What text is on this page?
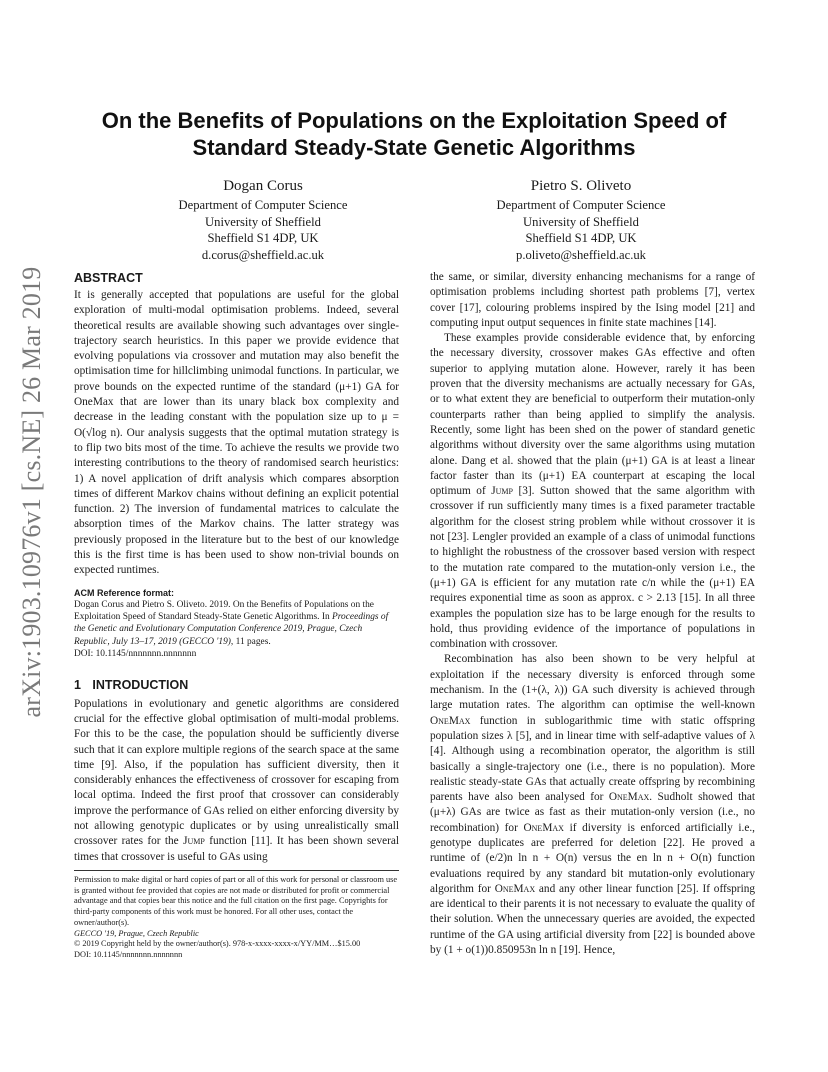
arXiv:1903.10976v1 [cs.NE] 26 Mar 2019
On the Benefits of Populations on the Exploitation Speed of
Standard Steady-State Genetic Algorithms
Dogan Corus
Department of Computer Science
University of Sheffield
Sheffield S1 4DP, UK
d.corus@sheffield.ac.uk
Pietro S. Oliveto
Department of Computer Science
University of Sheffield
Sheffield S1 4DP, UK
p.oliveto@sheffield.ac.uk
ABSTRACT

It is generally accepted that populations are useful for the global exploration of multi-modal optimisation problems. Indeed, several theoretical results are available showing such advantages over single-trajectory search heuristics. In this paper we provide evidence that evolving populations via crossover and mutation may also benefit the optimisation time for hillclimbing unimodal functions. In particular, we prove bounds on the expected runtime of the standard (μ+1) GA for OneMax that are lower than its unary black box complexity and decrease in the leading constant with the population size up to μ = O(√log n). Our analysis suggests that the optimal mutation strategy is to flip two bits most of the time. To achieve the results we provide two interesting contributions to the theory of randomised search heuristics: 1) A novel application of drift analysis which compares absorption times of different Markov chains without defining an explicit potential function. 2) The inversion of fundamental matrices to calculate the absorption times of the Markov chains. The latter strategy was previously proposed in the literature but to the best of our knowledge this is the first time is has been used to show non-trivial bounds on expected runtimes.

ACM Reference format:
Dogan Corus and Pietro S. Oliveto. 2019. On the Benefits of Populations on the Exploitation Speed of Standard Steady-State Genetic Algorithms. In Proceedings of the Genetic and Evolutionary Computation Conference 2019, Prague, Czech Republic, July 13–17, 2019 (GECCO '19), 11 pages.
DOI: 10.1145/nnnnnnn.nnnnnnn
1 INTRODUCTION

Populations in evolutionary and genetic algorithms are considered crucial for the effective global optimisation of multi-modal problems. For this to be the case, the population should be sufficiently diverse such that it can explore multiple regions of the search space at the same time [9]. Also, if the population has sufficient diversity, then it considerably enhances the effectiveness of crossover for escaping from local optima. Indeed the first proof that crossover can considerably improve the performance of GAs relied on either enforcing diversity by not allowing genotypic duplicates or by using unrealistically small crossover rates for the Jump function [11]. It has been shown several times that crossover is useful to GAs using

the same, or similar, diversity enhancing mechanisms for a range of optimisation problems including shortest path problems [7], vertex cover [17], colouring problems inspired by the Ising model [21] and computing input output sequences in finite state machines [14].

These examples provide considerable evidence that, by enforcing the necessary diversity, crossover makes GAs effective and often superior to applying mutation alone. However, rarely it has been proven that the diversity mechanisms are actually necessary for GAs, or to what extent they are beneficial to outperform their mutation-only counterparts rather than being applied to simplify the analysis. Recently, some light has been shed on the power of standard genetic algorithms without diversity over the same algorithms using mutation alone. Dang et al. showed that the plain (μ+1) GA is at least a linear factor faster than its (μ+1) EA counterpart at escaping the local optimum of Jump [3]. Sutton showed that the same algorithm with crossover if run sufficiently many times is a fixed parameter tractable algorithm for the closest string problem while without crossover it is not [23]. Lengler provided an example of a class of unimodal functions to highlight the robustness of the crossover based version with respect to the mutation rate compared to the mutation-only version i.e., the (μ+1) GA is efficient for any mutation rate c/n while the (μ+1) EA requires exponential time as soon as approx. c > 2.13 [15]. In all three examples the population size has to be large enough for the results to hold, thus providing evidence of the importance of populations in combination with crossover.

Recombination has also been shown to be very helpful at exploitation if the necessary diversity is enforced through some mechanism. In the (1+(λ, λ)) GA such diversity is achieved through large mutation rates. The algorithm can optimise the well-known OneMax function in sublogarithmic time with static offspring population sizes λ [5], and in linear time with self-adaptive values of λ [4]. Although using a recombination operator, the algorithm is still basically a single-trajectory one (i.e., there is no population). More realistic steady-state GAs that actually create offspring by recombining parents have also been analysed for OneMax. Sudholt showed that (μ+λ) GAs are twice as fast as their mutation-only version (i.e., no recombination) for OneMax if diversity is enforced artificially i.e., genotype duplicates are preferred for deletion [22]. He proved a runtime of (e/2)n ln n + O(n) versus the en ln n + O(n) function evaluations required by any standard bit mutation-only evolutionary algorithm for OneMax and any other linear function [25]. If offspring are identical to their parents it is not necessary to evaluate the quality of their solution. When the unnecessary queries are avoided, the expected runtime of the GA using artificial diversity from [22] is bounded above by (1 + o(1))0.850953n ln n [19]. Hence,

Permission to make digital or hard copies of part or all of this work for personal or classroom use is granted without fee provided that copies are not made or distributed for profit or commercial advantage and that copies bear this notice and the full citation on the first page. Copyrights for third-party components of this work must be honored. For all other uses, contact the owner/author(s).
GECCO '19, Prague, Czech Republic
© 2019 Copyright held by the owner/author(s). 978-x-xxxx-xxxx-x/YY/MM…$15.00
DOI: 10.1145/nnnnnnn.nnnnnnn
